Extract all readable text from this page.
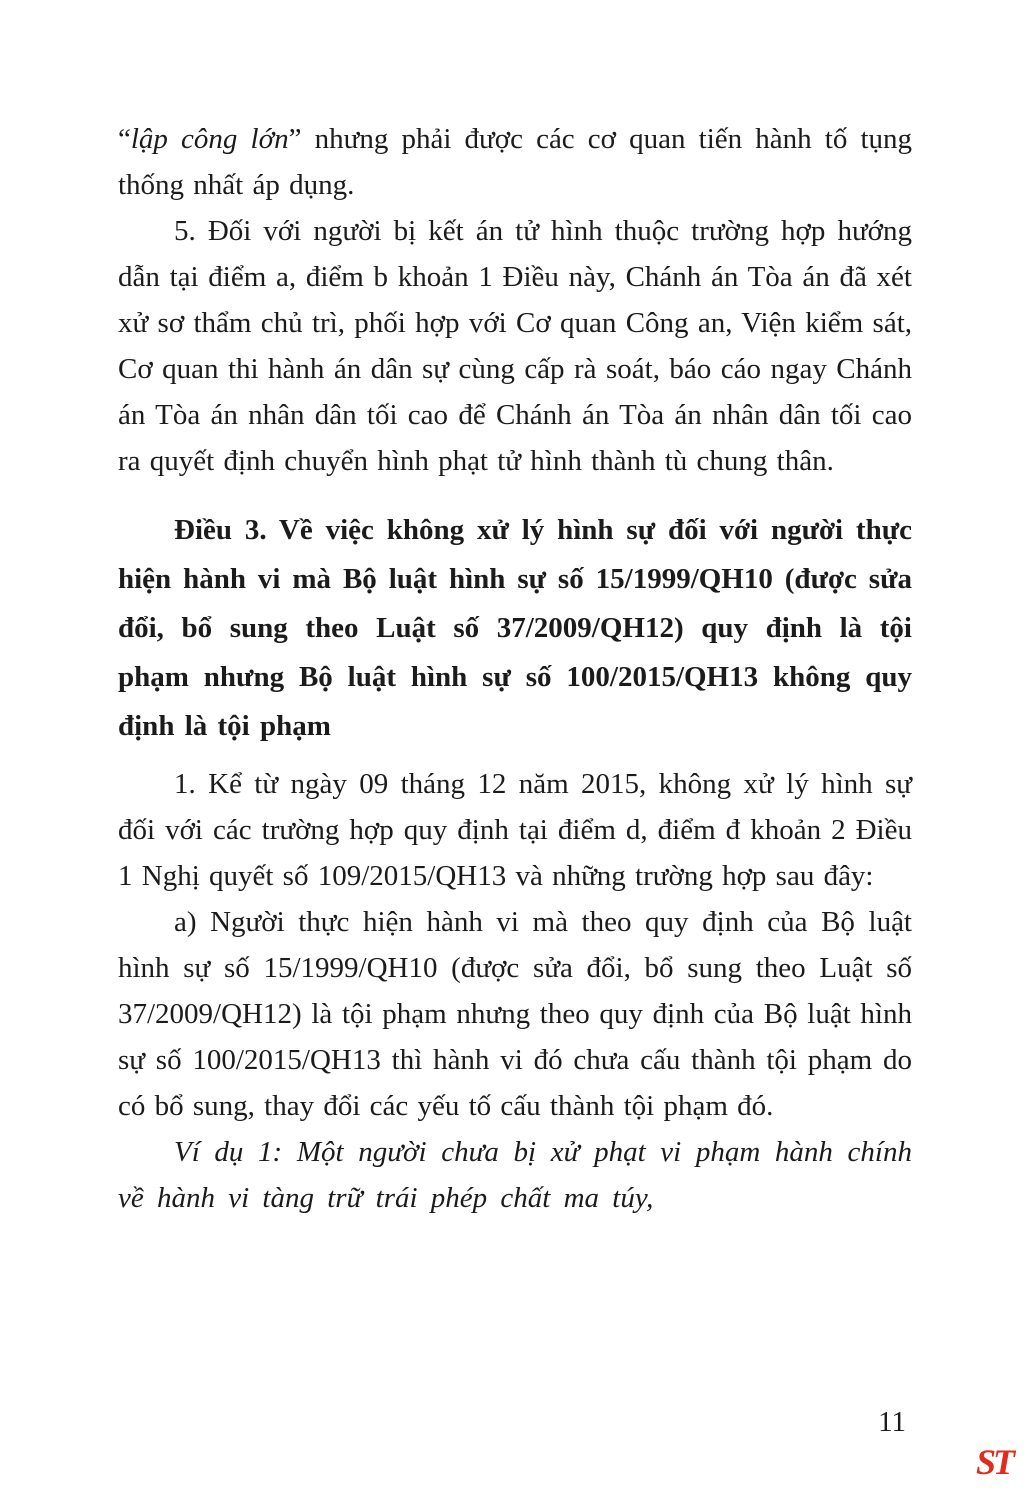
“lập công lớn” nhưng phải được các cơ quan tiến hành tố tụng thống nhất áp dụng.

5. Đối với người bị kết án tử hình thuộc trường hợp hướng dẫn tại điểm a, điểm b khoản 1 Điều này, Chánh án Tòa án đã xét xử sơ thẩm chủ trì, phối hợp với Cơ quan Công an, Viện kiểm sát, Cơ quan thi hành án dân sự cùng cấp rà soát, báo cáo ngay Chánh án Tòa án nhân dân tối cao để Chánh án Tòa án nhân dân tối cao ra quyết định chuyển hình phạt tử hình thành tù chung thân.

Điều 3. Về việc không xử lý hình sự đối với người thực hiện hành vi mà Bộ luật hình sự số 15/1999/QH10 (được sửa đổi, bổ sung theo Luật số 37/2009/QH12) quy định là tội phạm nhưng Bộ luật hình sự số 100/2015/QH13 không quy định là tội phạm

1. Kể từ ngày 09 tháng 12 năm 2015, không xử lý hình sự đối với các trường hợp quy định tại điểm d, điểm đ khoản 2 Điều 1 Nghị quyết số 109/2015/QH13 và những trường hợp sau đây:

a) Người thực hiện hành vi mà theo quy định của Bộ luật hình sự số 15/1999/QH10 (được sửa đổi, bổ sung theo Luật số 37/2009/QH12) là tội phạm nhưng theo quy định của Bộ luật hình sự số 100/2015/QH13 thì hành vi đó chưa cấu thành tội phạm do có bổ sung, thay đổi các yếu tố cấu thành tội phạm đó.

Ví dụ 1: Một người chưa bị xử phạt vi phạm hành chính về hành vi tàng trữ trái phép chất ma túy,

11
ST
